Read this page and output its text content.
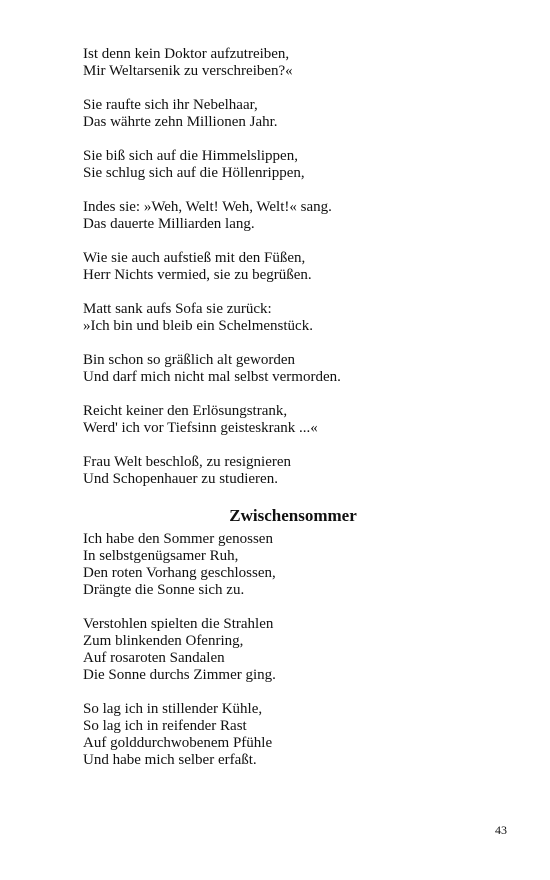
Ist denn kein Doktor aufzutreiben,
Mir Weltarsenik zu verschreiben?«
Sie raufte sich ihr Nebelhaar,
Das währte zehn Millionen Jahr.
Sie biß sich auf die Himmelslippen,
Sie schlug sich auf die Höllenrippen,
Indes sie: »Weh, Welt! Weh, Welt!« sang.
Das dauerte Milliarden lang.
Wie sie auch aufstieß mit den Füßen,
Herr Nichts vermied, sie zu begrüßen.
Matt sank aufs Sofa sie zurück:
»Ich bin und bleib ein Schelmenstück.
Bin schon so gräßlich alt geworden
Und darf mich nicht mal selbst vermorden.
Reicht keiner den Erlösungstrank,
Werd' ich vor Tiefsinn geisteskrank ...«
Frau Welt beschloß, zu resignieren
Und Schopenhauer zu studieren.
Zwischensommer
Ich habe den Sommer genossen
In selbstgenügsamer Ruh,
Den roten Vorhang geschlossen,
Drängte die Sonne sich zu.
Verstohlen spielten die Strahlen
Zum blinkenden Ofenring,
Auf rosaroten Sandalen
Die Sonne durchs Zimmer ging.
So lag ich in stillender Kühle,
So lag ich in reifender Rast
Auf golddurchwobenem Pfühle
Und habe mich selber erfaßt.
43
